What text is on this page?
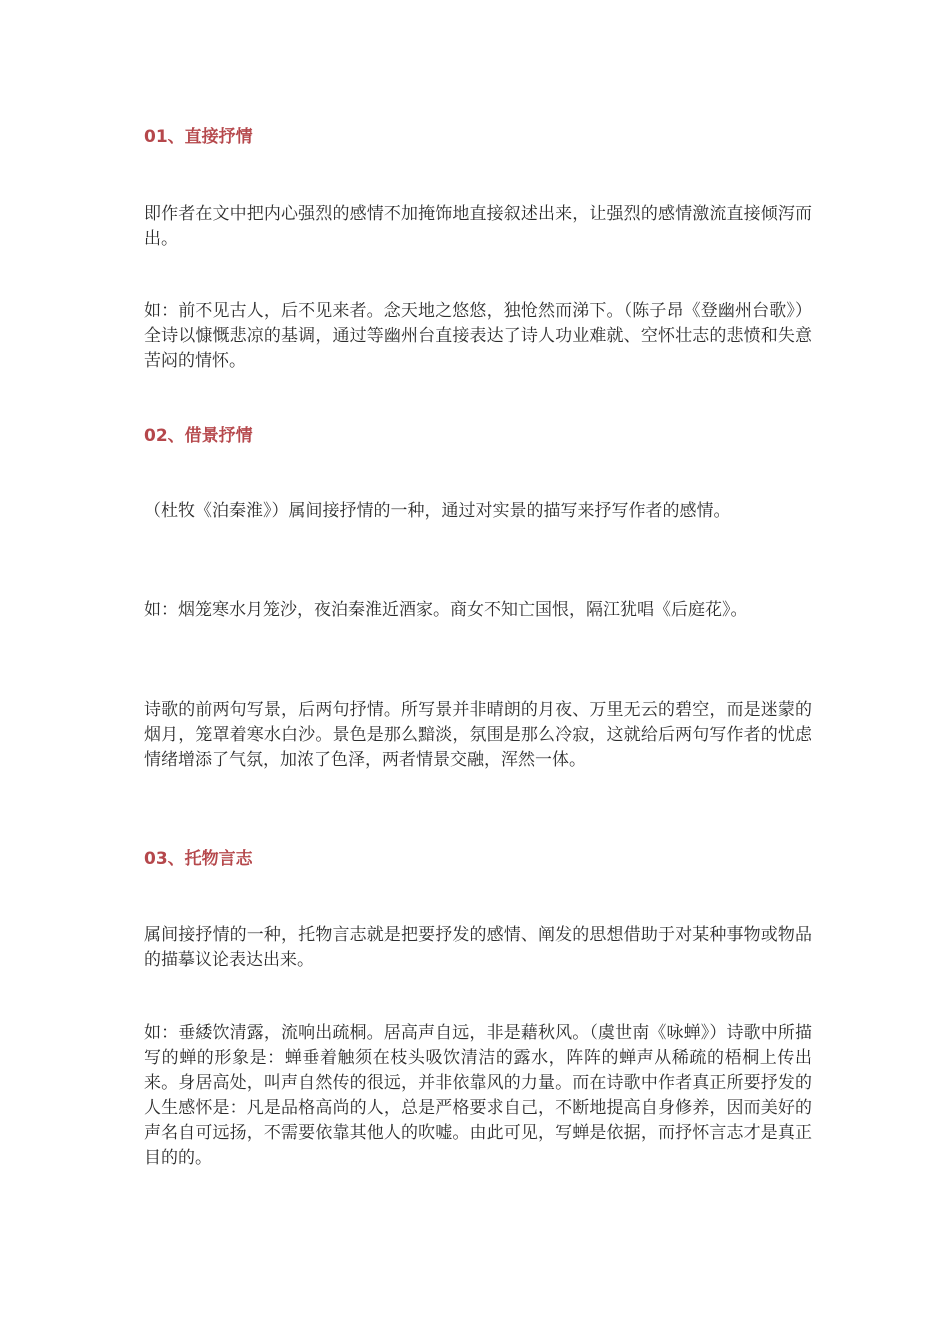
01、直接抒情

即作者在文中把内心强烈的感情不加掩饰地直接叙述出来，让强烈的感情激流直接倾泻而出。

如：前不见古人，后不见来者。念天地之悠悠，独怆然而涕下。（陈子昂《登幽州台歌》）全诗以慷慨悲凉的基调，通过等幽州台直接表达了诗人功业难就、空怀壮志的悲愤和失意苦闷的情怀。

02、借景抒情

（杜牧《泊秦淮》）属间接抒情的一种，通过对实景的描写来抒写作者的感情。

如：烟笼寒水月笼沙，夜泊秦淮近酒家。商女不知亡国恨，隔江犹唱《后庭花》。

诗歌的前两句写景，后两句抒情。所写景并非晴朗的月夜、万里无云的碧空，而是迷蒙的烟月，笼罩着寒水白沙。景色是那么黯淡，氛围是那么冷寂，这就给后两句写作者的忧虑情绪增添了气氛，加浓了色泽，两者情景交融，浑然一体。

03、托物言志

属间接抒情的一种，托物言志就是把要抒发的感情、阐发的思想借助于对某种事物或物品的描摹议论表达出来。

如：垂緌饮清露，流响出疏桐。居高声自远，非是藉秋风。（虞世南《咏蝉》）诗歌中所描写的蝉的形象是：蝉垂着触须在枝头吸饮清洁的露水，阵阵的蝉声从稀疏的梧桐上传出来。身居高处，叫声自然传的很远，并非依靠风的力量。而在诗歌中作者真正所要抒发的人生感怀是：凡是品格高尚的人，总是严格要求自己，不断地提高自身修养，因而美好的声名自可远扬，不需要依靠其他人的吹嘘。由此可见，写蝉是依据，而抒怀言志才是真正目的的。
